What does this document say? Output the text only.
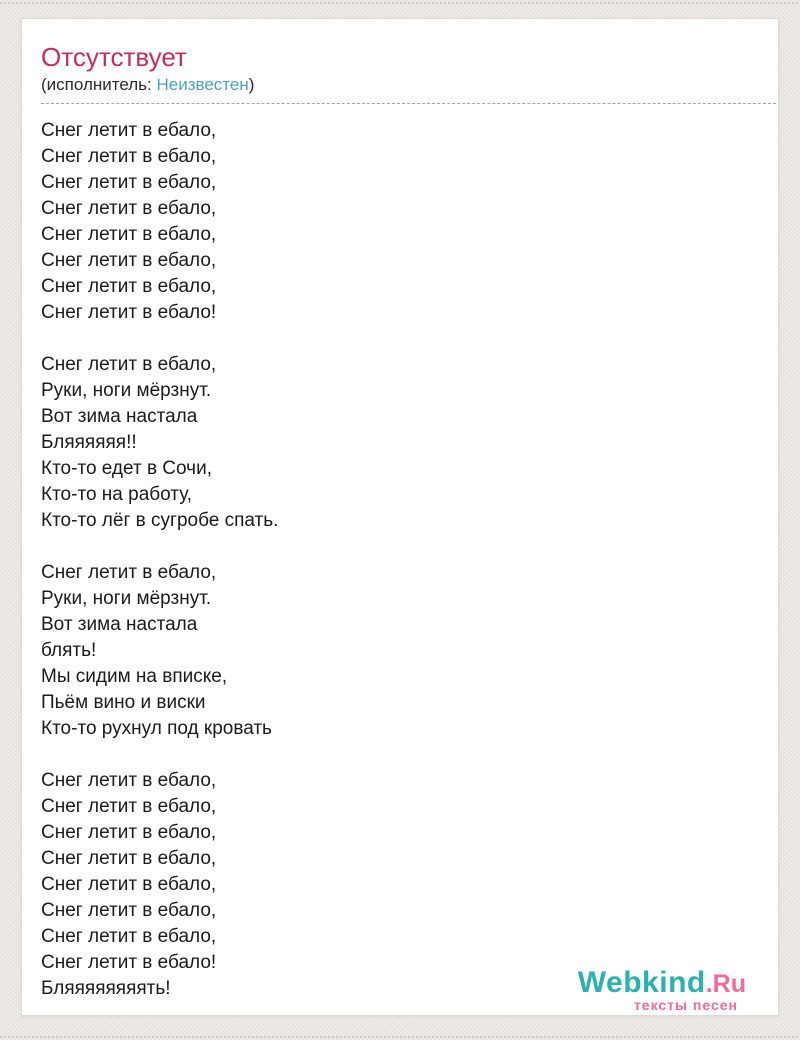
Отсутствует
(исполнитель: Неизвестен)
Снег летит в ебало,
Снег летит в ебало,
Снег летит в ебало,
Снег летит в ебало,
Снег летит в ебало,
Снег летит в ебало,
Снег летит в ебало,
Снег летит в ебало!
Снег летит в ебало,
Руки, ноги мёрзнут.
Вот зима настала
Бляяяяяя!!
Кто-то едет в Сочи,
Кто-то на работу,
Кто-то лёг в сугробе спать.
Снег летит в ебало,
Руки, ноги мёрзнут.
Вот зима настала
блять!
Мы сидим на вписке,
Пьём вино и виски
Кто-то рухнул под кровать
Снег летит в ебало,
Снег летит в ебало,
Снег летит в ебало,
Снег летит в ебало,
Снег летит в ебало,
Снег летит в ебало,
Снег летит в ебало,
Снег летит в ебало!
Бляяяяяяяять!	Webkind.Ru
тексты песен
